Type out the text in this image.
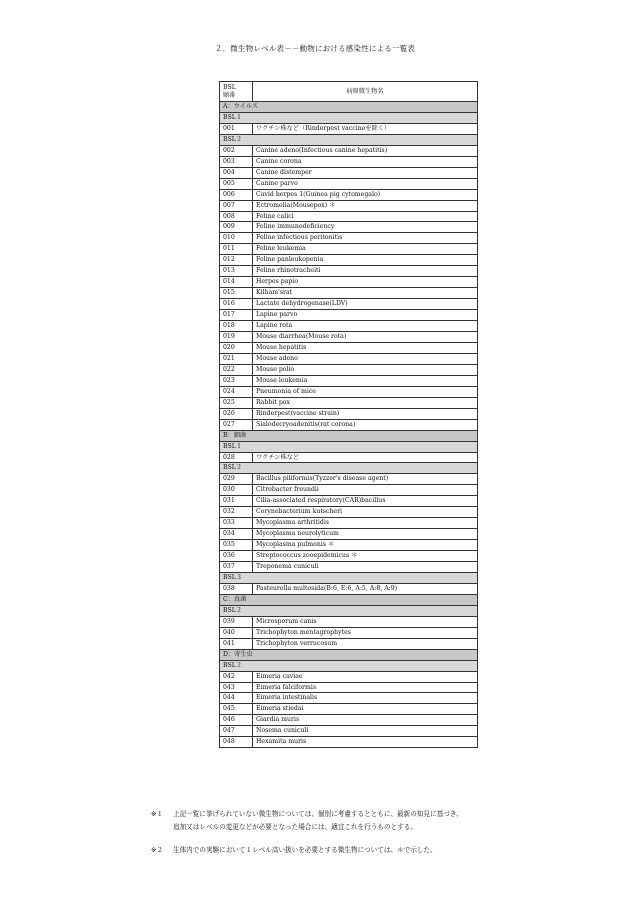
２．微生物レベル表－－動物における感染性による一覧表
BSL
順番	病原微生物名
A：ウイルス	
BSL１	
001	ワクチン株など（Rinderpest vaccineを除く）
BSL２	
002	Canine adeno(Infectious canine hepatitis)
003	Canine corona
004	Canine distemper
005	Canine parvo
006	Cavid herpes 1(Guinea pig cytomegalo)
007	Ectromelia(Mousepox) ＊
008	Feline calici
009	Feline immunodeficiency
010	Feline infectious peritonitis
011	Feline leukemia
012	Feline panleukopenia
013	Feline rhinotracheiti
014	Herpes papio
015	Kilham'srat
016	Lactate dehydrogenase(LDV)
017	Lapine parvo
018	Lapine rota
019	Mouse diarrhea(Mouse rota)
020	Mouse hepatitis
021	Mouse adeno
022	Mouse polio
023	Mouse leukemia
024	Pneumonia of mice
025	Rabbit pox
026	Rinderpest(vaccine strain)
027	Sialodecryoadenitis(rat corona)
B：細菌	
BSL１	
028	ワクチン株など
BSL２	
029	Bacillus piliformis(Tyzzer's disease agent)
030	Citrobacter freundii
031	Cilia-associated respiratory(CAR)bacillus
032	Corynebacterium kutscheri
033	Mycoplasma arthritidis
034	Mycoplasma neurolyticum
035	Mycoplasma pulmonis ＊
036	Streptococcus zooepidemicus ＊
037	Treponema cuniculi
BSL３	
038	Pasteurella multosida(B:6, E:6, A:5, A:8, A:9)
C：真菌	
BSL２	
039	Microsporum canis
040	Trichophyton mentagrophytes
041	Trichophyton verrucosum
D：寄生虫	
BSL２	
042	Eimeria caviae
043	Eimeria falciformis
044	Eimeria intestinalis
045	Eimeria stiedai
046	Giardia muris
047	Nosema cuniculi
048	Hexamita muris
※１ 上記一覧に挙げられていない微生物については、個別に考慮するとともに、最新の知見に基づき、
追加又はレベルの変更などが必要となった場合には、適宜これを行うものとする。
※２ 生体内での実験において１レベル高い扱いを必要とする微生物については、＊で示した。
